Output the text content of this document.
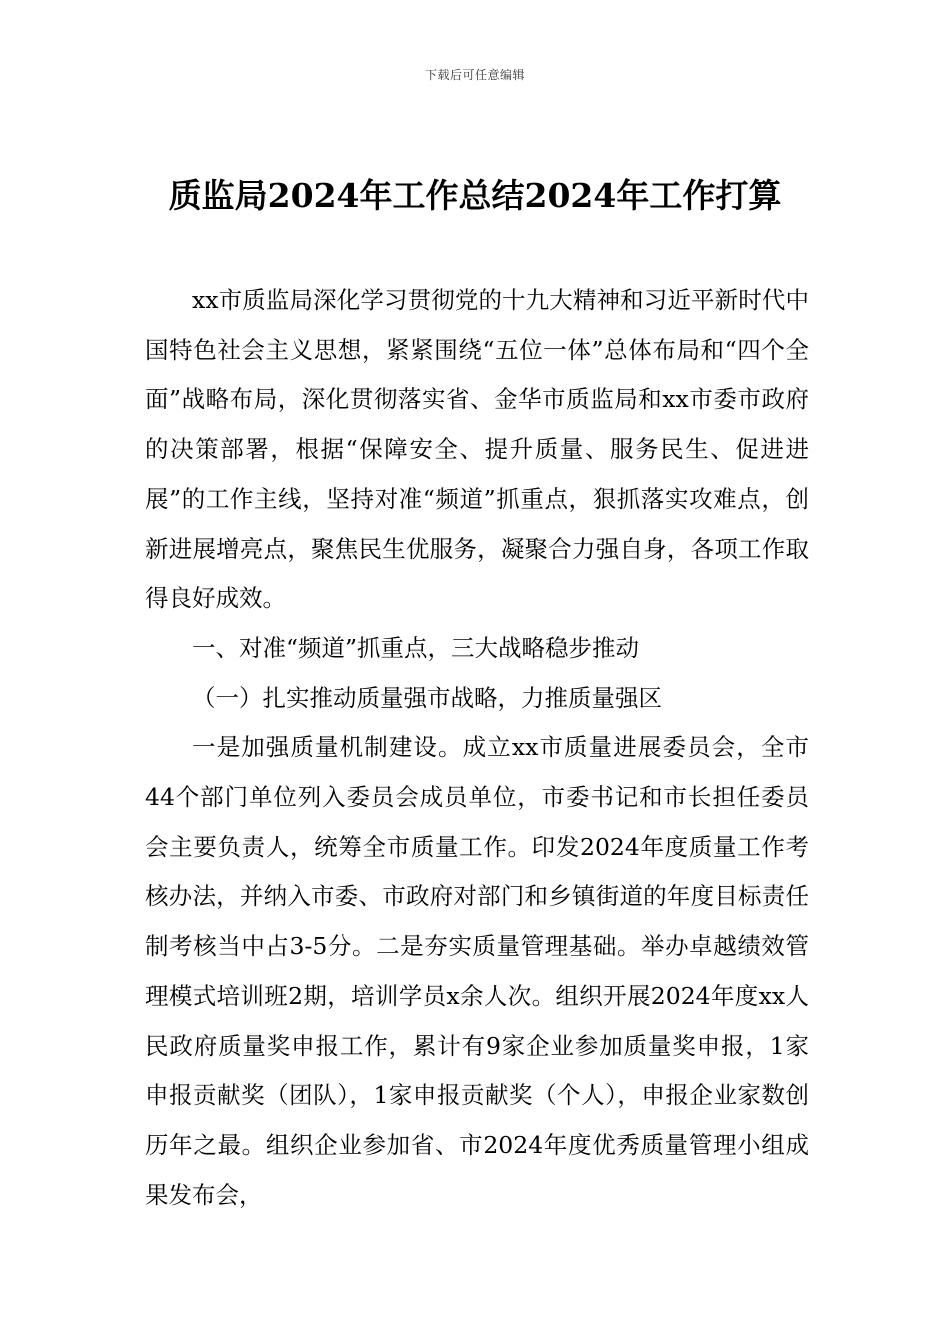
下载后可任意编辑
质监局2024年工作总结2024年工作打算

xx市质监局深化学习贯彻党的十九大精神和习近平新时代中国特色社会主义思想，紧紧围绕“五位一体”总体布局和“四个全面”战略布局，深化贯彻落实省、金华市质监局和xx市委市政府的决策部署，根据“保障安全、提升质量、服务民生、促进进展”的工作主线，坚持对准“频道”抓重点，狠抓落实攻难点，创新进展增亮点，聚焦民生优服务，凝聚合力强自身，各项工作取得良好成效。

一、对准“频道”抓重点，三大战略稳步推动

（一）扎实推动质量强市战略，力推质量强区

一是加强质量机制建设。成立xx市质量进展委员会，全市44个部门单位列入委员会成员单位，市委书记和市长担任委员会主要负责人，统筹全市质量工作。印发2024年度质量工作考核办法，并纳入市委、市政府对部门和乡镇街道的年度目标责任制考核当中占3-5分。二是夯实质量管理基础。举办卓越绩效管理模式培训班2期，培训学员x余人次。组织开展2024年度xx人民政府质量奖申报工作，累计有9家企业参加质量奖申报，1家申报贡献奖（团队），1家申报贡献奖（个人），申报企业家数创历年之最。组织企业参加省、市2024年度优秀质量管理小组成果发布会，
